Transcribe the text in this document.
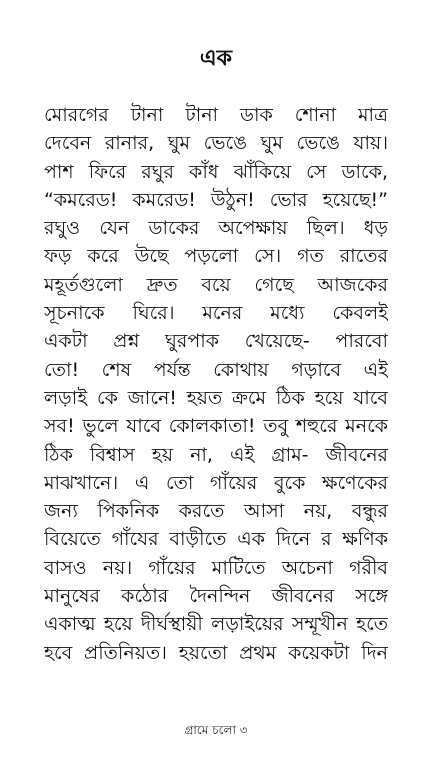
এক
মোরগের টানা টানা ডাক শোনা মাত্র
দেবেন রানার, ঘুম ভেঙে ঘুম ভেঙে যায়।
পাশ ফিরে রঘুর কাঁধ ঝাঁকিয়ে সে ডাকে,
“কমরেড! কমরেড! উঠুন! ভোর হয়েছে!”
রঘুও যেন ডাকের অপেক্ষায় ছিল। ধড়
ফড় করে উছে পড়লো সে। গত রাতের
মহূর্তগুলো দ্রুত বয়ে গেছে আজকের
সূচনাকে ঘিরে। মনের মধ্যে কেবলই
একটা প্রশ্ন ঘুরপাক খেয়েছে- পারবো
তো! শেষ পর্যন্ত কোথায় গড়াবে এই
লড়াই কে জানে! হয়ত ক্রমে ঠিক হয়ে যাবে
সব! ভুলে যাবে কোলকাতা! তবু শহুরে মনকে
ঠিক বিশ্বাস হয় না, এই গ্রাম- জীবনের
মাঝখানে। এ তো গাঁয়ের বুকে ক্ষণেকের
জন্য পিকনিক করতে আসা নয়, বন্ধুর
বিয়েতে গাঁযের বাড়ীতে এক দিনে র ক্ষণিক
বাসও নয়। গাঁয়ের মাটিতে অচেনা গরীব
মানুষের কঠোর দৈনন্দিন জীবনের সঙ্গে
একাত্ম হয়ে দীর্ঘস্থায়ী লড়াইয়ের সম্মূখীন হতে
হবে প্রতিনিয়ত। হয়তো প্রথম কয়েকটা দিন
গ্রামে চলো ৩
